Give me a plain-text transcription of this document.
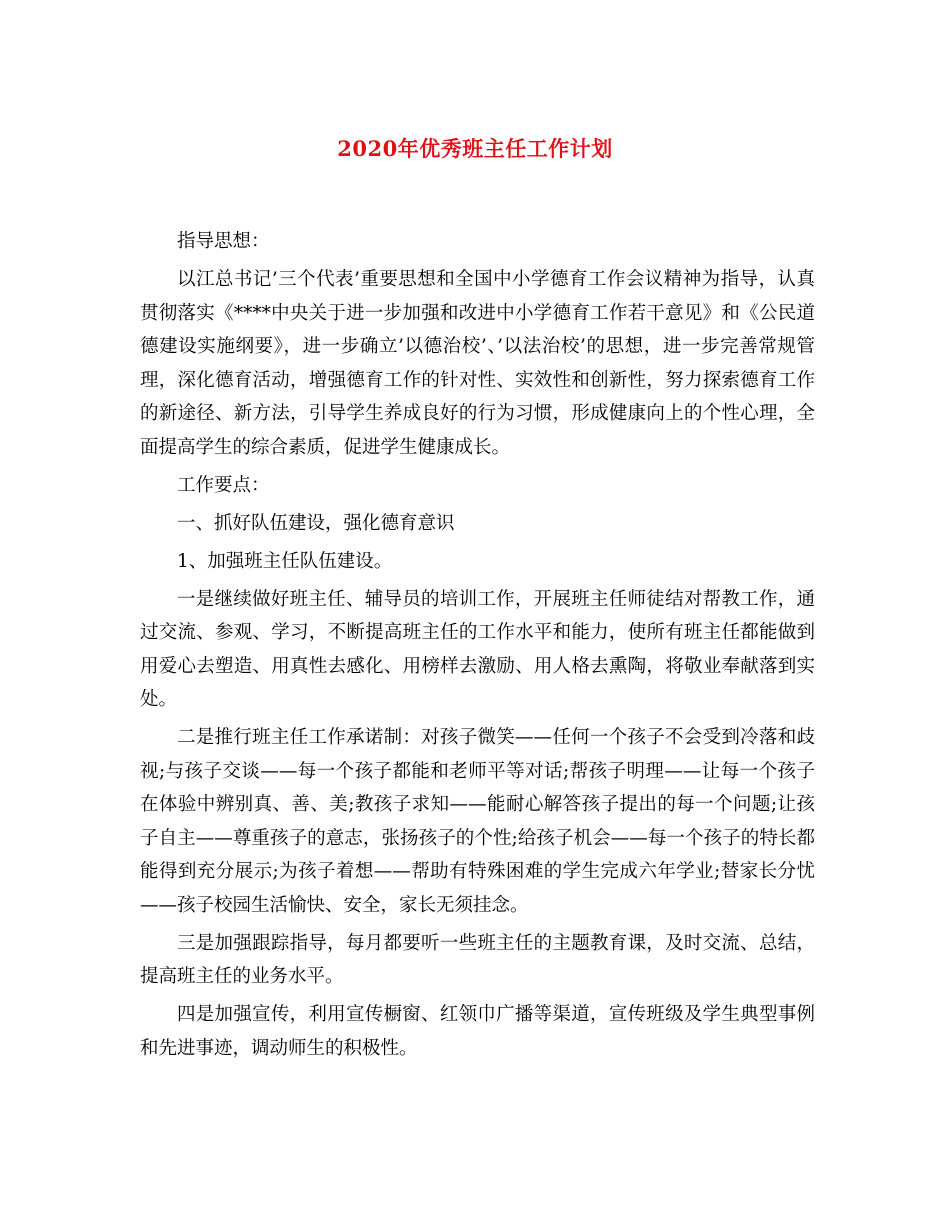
2020年优秀班主任工作计划

指导思想：

以江总书记’三个代表’重要思想和全国中小学德育工作会议精神为指导，认真贯彻落实《****中央关于进一步加强和改进中小学德育工作若干意见》和《公民道德建设实施纲要》，进一步确立’以德治校’、’以法治校’的思想，进一步完善常规管理，深化德育活动，增强德育工作的针对性、实效性和创新性，努力探索德育工作的新途径、新方法，引导学生养成良好的行为习惯，形成健康向上的个性心理，全面提高学生的综合素质，促进学生健康成长。

工作要点：

一、抓好队伍建设，强化德育意识

1、加强班主任队伍建设。

一是继续做好班主任、辅导员的培训工作，开展班主任师徒结对帮教工作，通过交流、参观、学习，不断提高班主任的工作水平和能力，使所有班主任都能做到用爱心去塑造、用真性去感化、用榜样去激励、用人格去熏陶，将敬业奉献落到实处。

二是推行班主任工作承诺制：对孩子微笑——任何一个孩子不会受到冷落和歧视;与孩子交谈——每一个孩子都能和老师平等对话;帮孩子明理——让每一个孩子在体验中辨别真、善、美;教孩子求知——能耐心解答孩子提出的每一个问题;让孩子自主——尊重孩子的意志，张扬孩子的个性;给孩子机会——每一个孩子的特长都能得到充分展示;为孩子着想——帮助有特殊困难的学生完成六年学业;替家长分忧——孩子校园生活愉快、安全，家长无须挂念。

三是加强跟踪指导，每月都要听一些班主任的主题教育课，及时交流、总结，提高班主任的业务水平。

四是加强宣传，利用宣传橱窗、红领巾广播等渠道，宣传班级及学生典型事例和先进事迹，调动师生的积极性。
